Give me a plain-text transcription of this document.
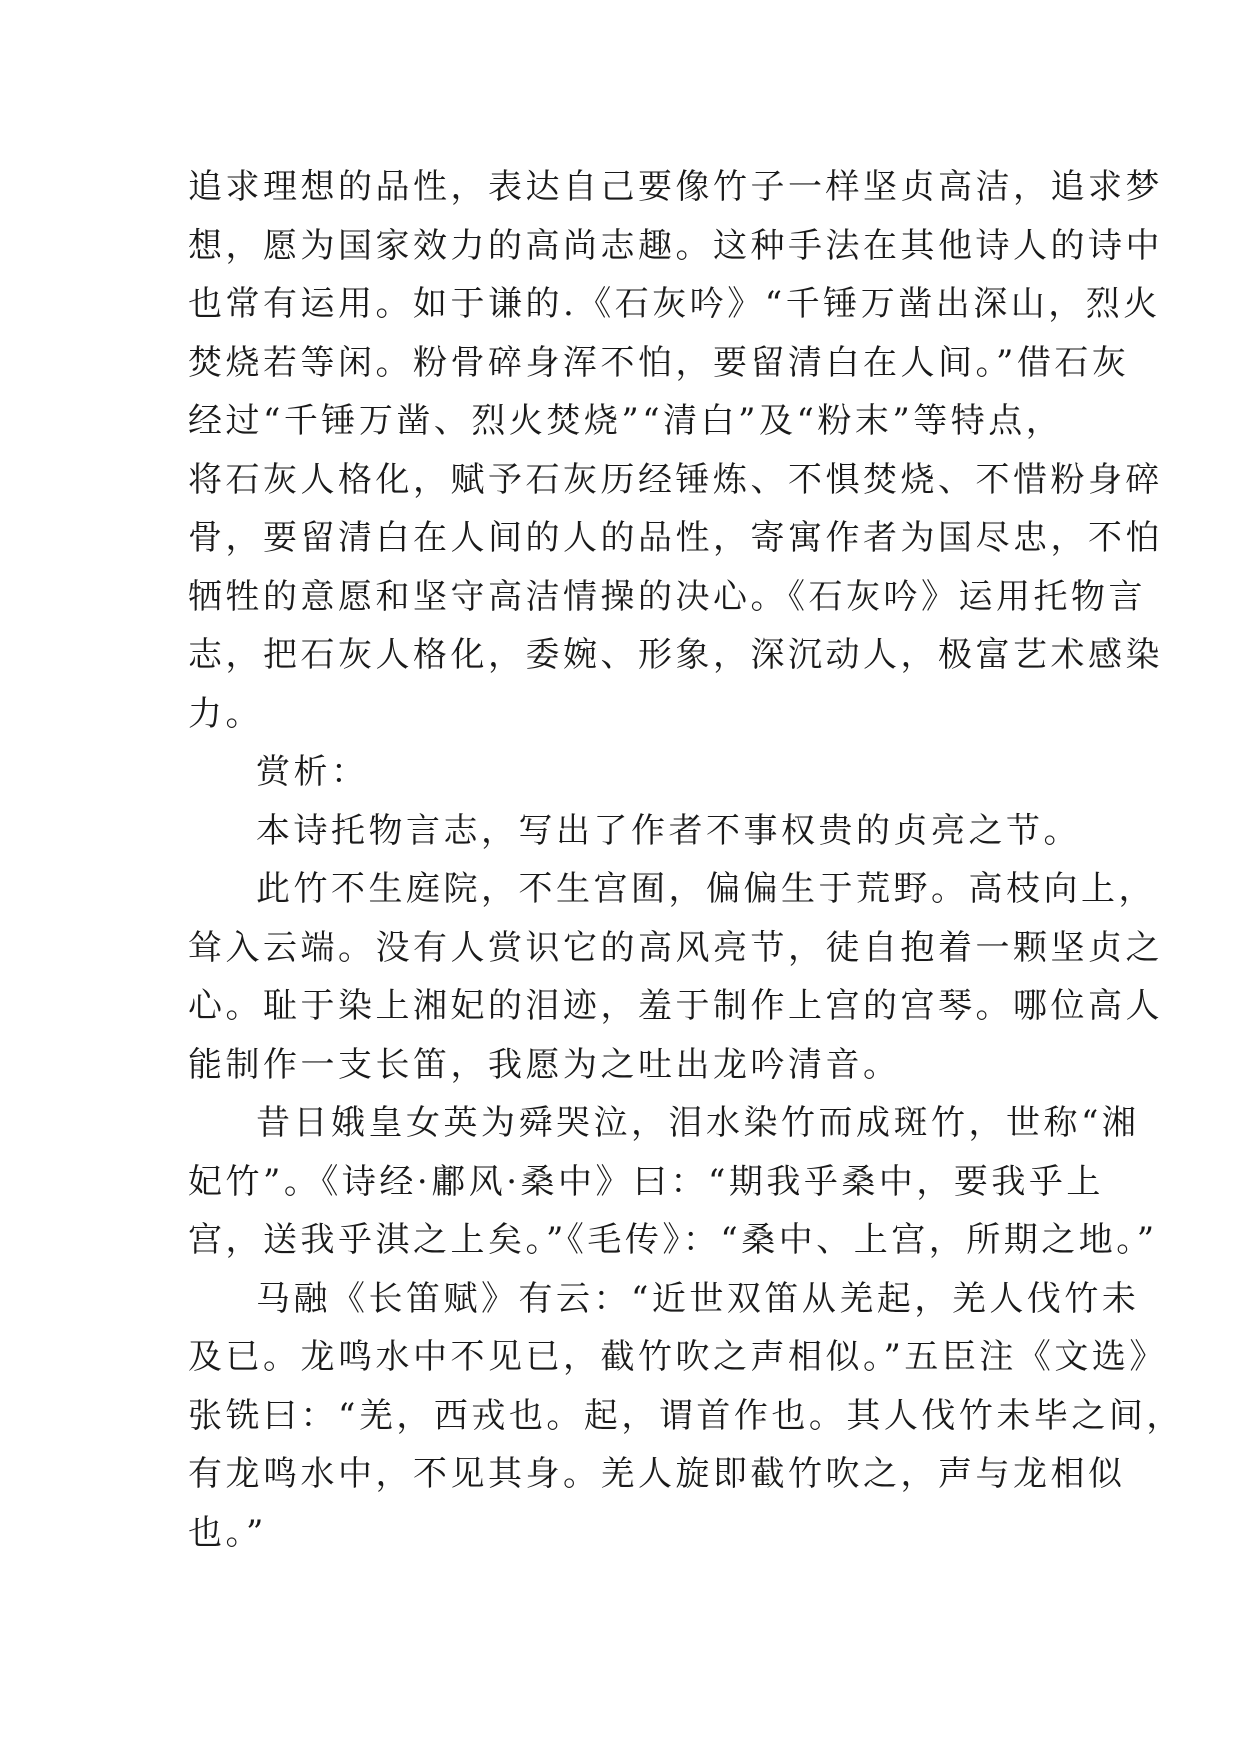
追求理想的品性，表达自己要像竹子一样坚贞高洁，追求梦
想，愿为国家效力的高尚志趣。这种手法在其他诗人的诗中
也常有运用。如于谦的.《石灰吟》“千锤万凿出深山，烈火
焚烧若等闲。粉骨碎身浑不怕，要留清白在人间。”借石灰
经过“千锤万凿、烈火焚烧”“清白”及“粉末”等特点，
将石灰人格化，赋予石灰历经锤炼、不惧焚烧、不惜粉身碎
骨，要留清白在人间的人的品性，寄寓作者为国尽忠，不怕
牺牲的意愿和坚守高洁情操的决心。《石灰吟》运用托物言
志，把石灰人格化，委婉、形象，深沉动人，极富艺术感染
力。
赏析：
本诗托物言志，写出了作者不事权贵的贞亮之节。
此竹不生庭院，不生宫囿，偏偏生于荒野。高枝向上，
耸入云端。没有人赏识它的高风亮节，徒自抱着一颗坚贞之
心。耻于染上湘妃的泪迹，羞于制作上宫的宫琴。哪位高人
能制作一支长笛，我愿为之吐出龙吟清音。
昔日娥皇女英为舜哭泣，泪水染竹而成斑竹，世称“湘
妃竹”。《诗经·鄘风·桑中》曰：“期我乎桑中，要我乎上
宫，送我乎淇之上矣。”《毛传》：“桑中、上宫，所期之地。”
马融《长笛赋》有云：“近世双笛从羌起，羌人伐竹未
及已。龙鸣水中不见已，截竹吹之声相似。”五臣注《文选》
张铣曰：“羌，西戎也。起，谓首作也。其人伐竹未毕之间，
有龙鸣水中，不见其身。羌人旋即截竹吹之，声与龙相似
也。”
